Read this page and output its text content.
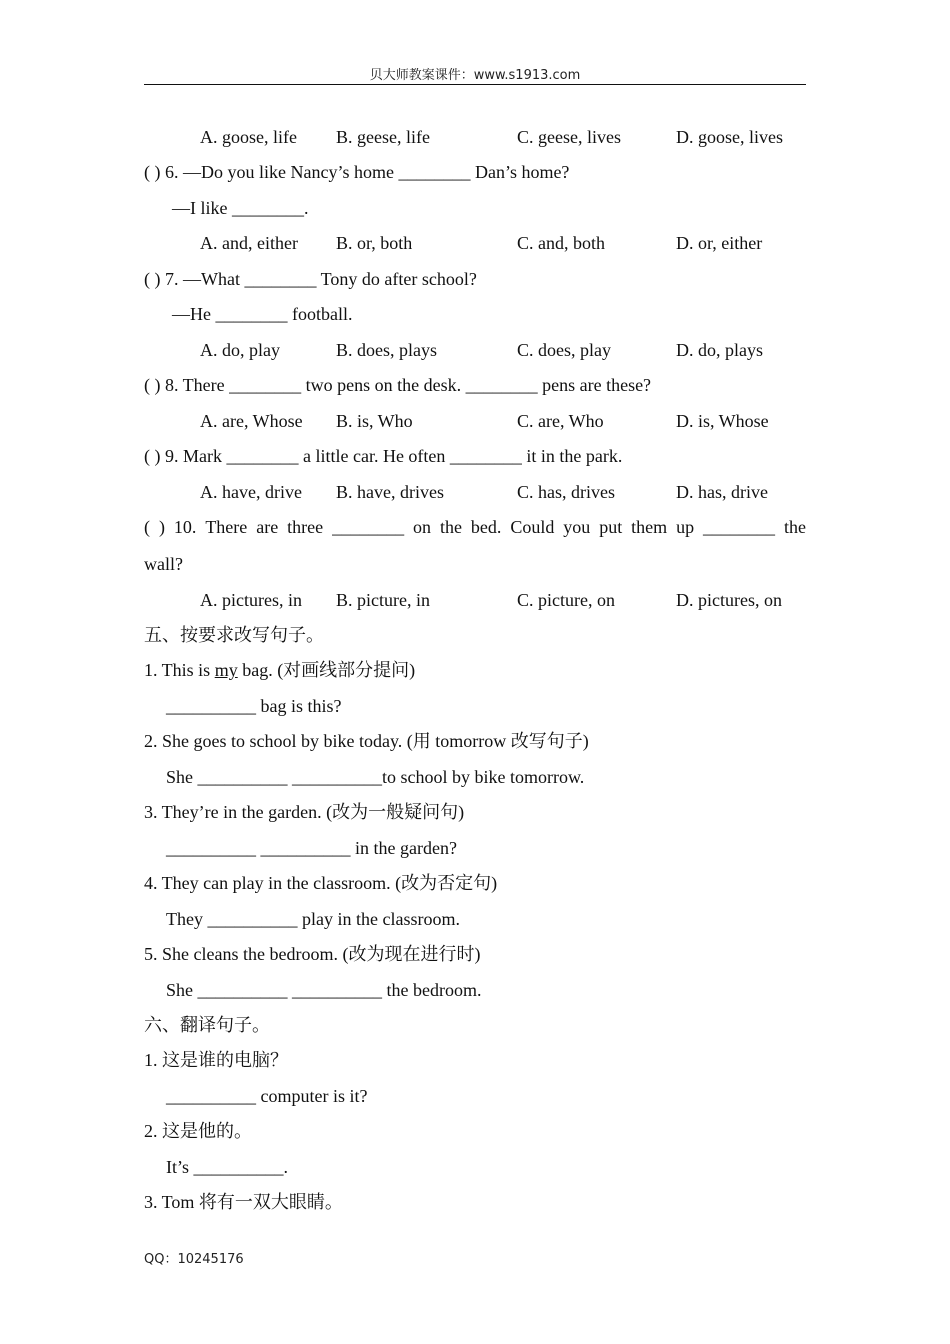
贝大师教案课件：www.s1913.com
A. goose, life B. geese, life	C. geese, lives	D. goose, lives
( ) 6. —Do you like Nancy’s home ________ Dan’s home?
—I like ________.
A. and, either B. or, both	C. and, both	D. or, either
( ) 7. —What ________ Tony do after school?
—He ________ football.
A. do, play	B. does, plays	C. does, play	D. do, plays
( ) 8. There ________ two pens on the desk. ________ pens are these?
A. are, Whose B. is, Who	C. are, Who	D. is, Whose
( ) 9. Mark ________ a little car. He often ________ it in the park.
A. have, drive B. have, drives	C. has, drives	D. has, drive
( ) 10. There are three ________ on the bed. Could you put them up ________ the
wall?
A. pictures, in B. picture, in	C. picture, on	D. pictures, on
五、按要求改写句子。
1. This is my bag. (对画线部分提问)
__________ bag is this?
2. She goes to school by bike today. (用 tomorrow 改写句子)
She __________ __________to school by bike tomorrow.
3. They’re in the garden. (改为一般疑问句)
__________ __________ in the garden?
4. They can play in the classroom. (改为否定句)
They __________ play in the classroom.
5. She cleans the bedroom. (改为现在进行时)
She __________ __________ the bedroom.
六、翻译句子。
1. 这是谁的电脑？
__________ computer is it?
2. 这是他的。
It’s __________.
3. Tom 将有一双大眼睛。
QQ：10245176
